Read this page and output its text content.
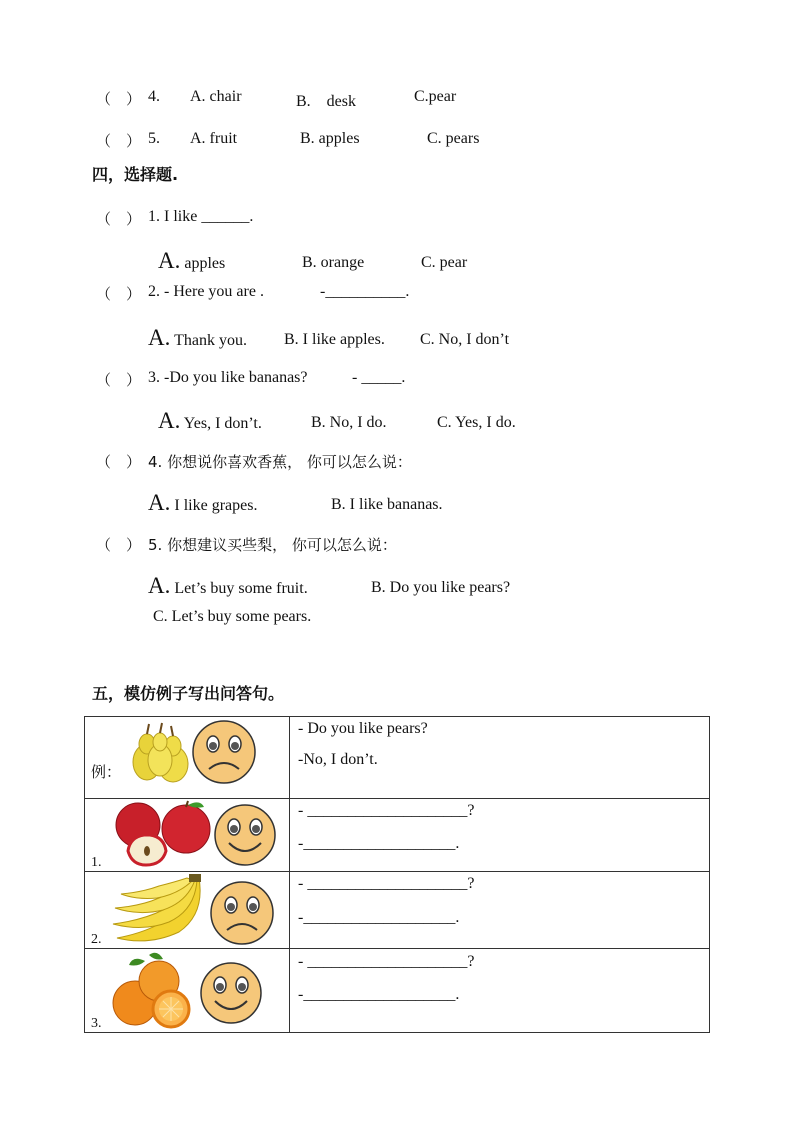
（　） 4. A. chair	B.　desk	C.pear
（　） 5. A. fruit	B. apples	C. pears
四，选择题.
（　） 1. I like ______.
A. apples	B. orange	C. pear
（　） 2. - Here you are .	-__________.
A. Thank you. B. I like apples. C. No, I don’t
（　） 3. -Do you like bananas?	- _____.
A. Yes, I don’t.	B. No, I do.	C. Yes, I do.
（　） 4. 你想说你喜欢香蕉， 你可以怎么说：
A. I like grapes.	B. I like bananas.
（　） 5. 你想建议买些梨， 你可以怎么说：
A. Let’s buy some fruit.	B. Do you like pears?
C. Let’s buy some pears.
五，模仿例子写出问答句。
例：	- Do you like pears?
-No, I don’t.

1.	- ____________________?
-___________________.

2.	- ____________________?
-___________________.

3.	- ____________________?
-___________________.
